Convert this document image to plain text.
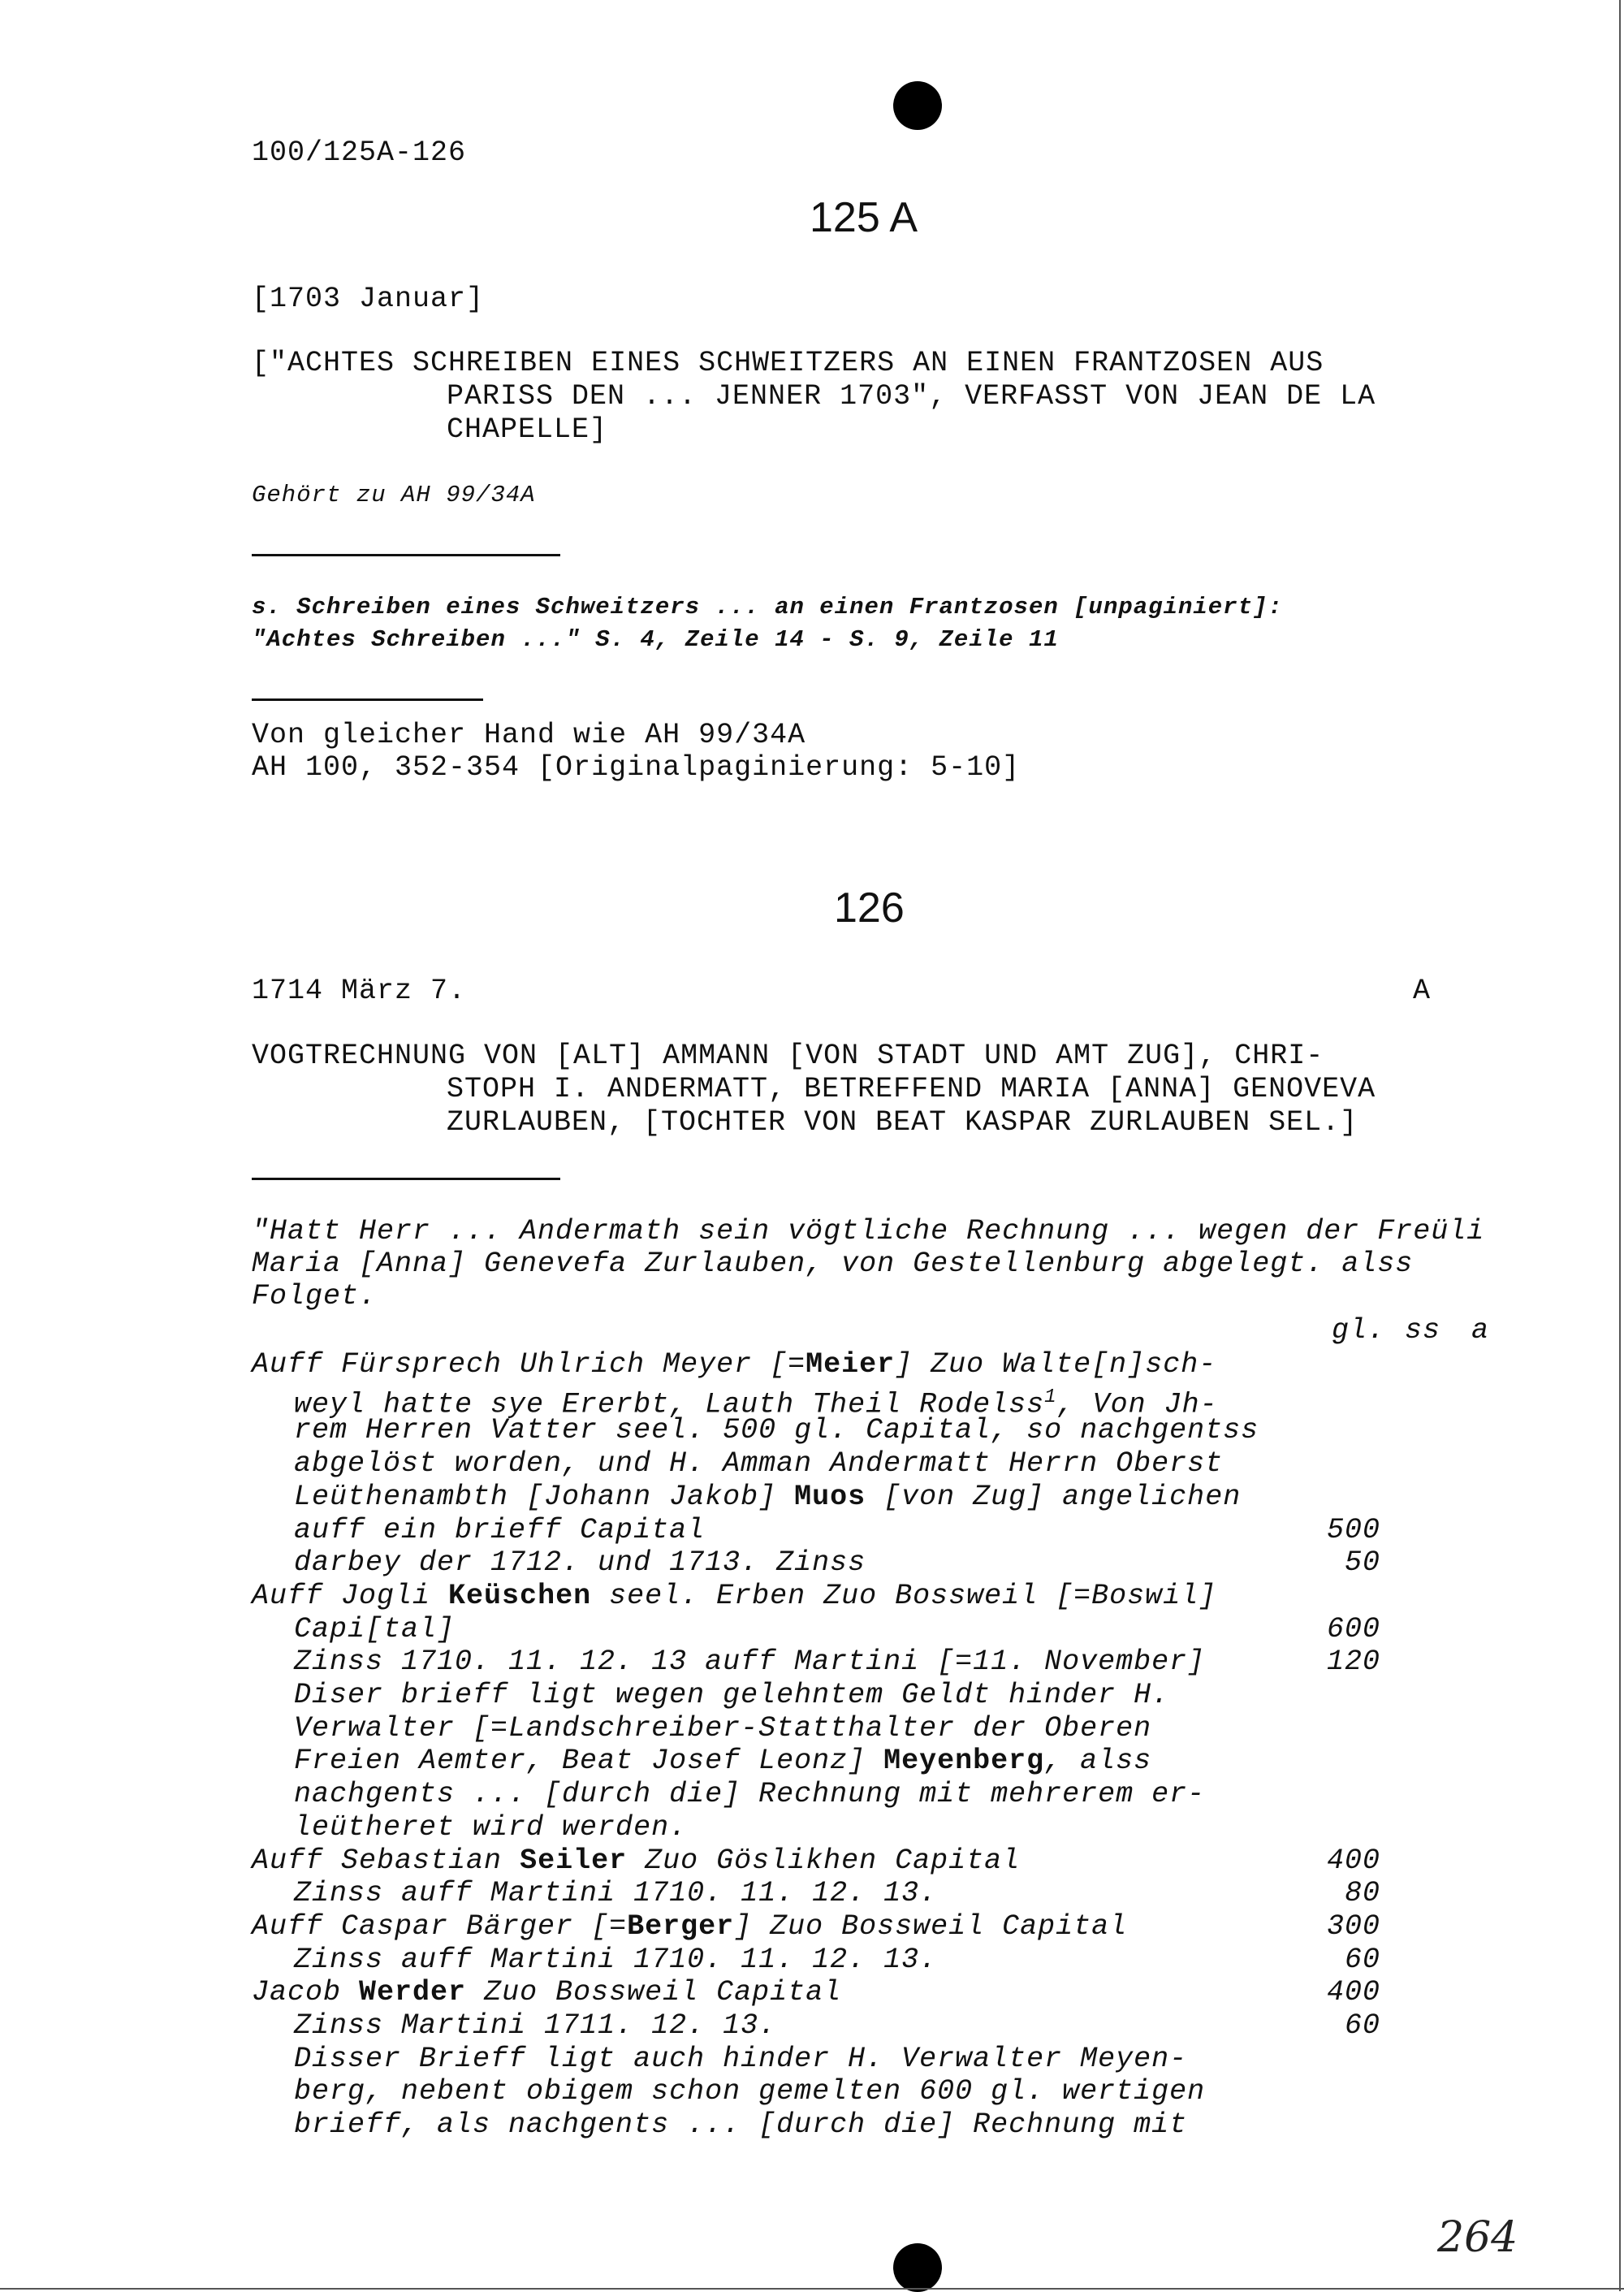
100/125A-126
125 A
[1703 Januar]
["ACHTES SCHREIBEN EINES SCHWEITZERS AN EINEN FRANTZOSEN AUS
PARISS DEN ... JENNER 1703", VERFASST VON JEAN DE LA
CHAPELLE]
Gehört zu AH 99/34A
s. Schreiben eines Schweitzers ... an einen Frantzosen [unpaginiert]:
"Achtes Schreiben ..." S. 4, Zeile 14 - S. 9, Zeile 11
Von gleicher Hand wie AH 99/34A
AH 100, 352-354 [Originalpaginierung: 5-10]
126
1714 März 7.	A
VOGTRECHNUNG VON [ALT] AMMANN [VON STADT UND AMT ZUG], CHRI-
STOPH I. ANDERMATT, BETREFFEND MARIA [ANNA] GENOVEVA
ZURLAUBEN, [TOCHTER VON BEAT KASPAR ZURLAUBEN SEL.]
"Hatt Herr ... Andermath sein vögtliche Rechnung ... wegen der Freüli
Maria [Anna] Genevefa Zurlauben, von Gestellenburg abgelegt. alss
Folget.
gl. ss a
Auff Fürsprech Uhlrich Meyer [=Meier] Zuo Walte[n]sch-
weyl hatte sye Ererbt, Lauth Theil Rodelss$^1$, Von Jh-
rem Herren Vatter seel. 500 gl. Capital, so nachgentss
abgelöst worden, und H. Amman Andermatt Herrn Oberst
Leüthenambth [Johann Jakob] Muos [von Zug] angelichen
auff ein brieff Capital	500
darbey der 1712. und 1713. Zinss	50
Auff Jogli Keüschen seel. Erben Zuo Bossweil [=Boswil]
Capi[tal]	600
Zinss 1710. 11. 12. 13 auff Martini [=11. November]	120
Diser brieff ligt wegen gelehntem Geldt hinder H.
Verwalter [=Landschreiber-Statthalter der Oberen
Freien Aemter, Beat Josef Leonz] Meyenberg, alss
nachgents ... [durch die] Rechnung mit mehrerem er-
leütheret wird werden.
Auff Sebastian Seiler Zuo Göslikhen Capital	400
Zinss auff Martini 1710. 11. 12. 13.	80
Auff Caspar Bärger [=Berger] Zuo Bossweil Capital	300
Zinss auff Martini 1710. 11. 12. 13.	60
Jacob Werder Zuo Bossweil Capital	400
Zinss Martini 1711. 12. 13.	60
Disser Brieff ligt auch hinder H. Verwalter Meyen-
berg, nebent obigem schon gemelten 600 gl. wertigen
brieff, als nachgents ... [durch die] Rechnung mit
264
